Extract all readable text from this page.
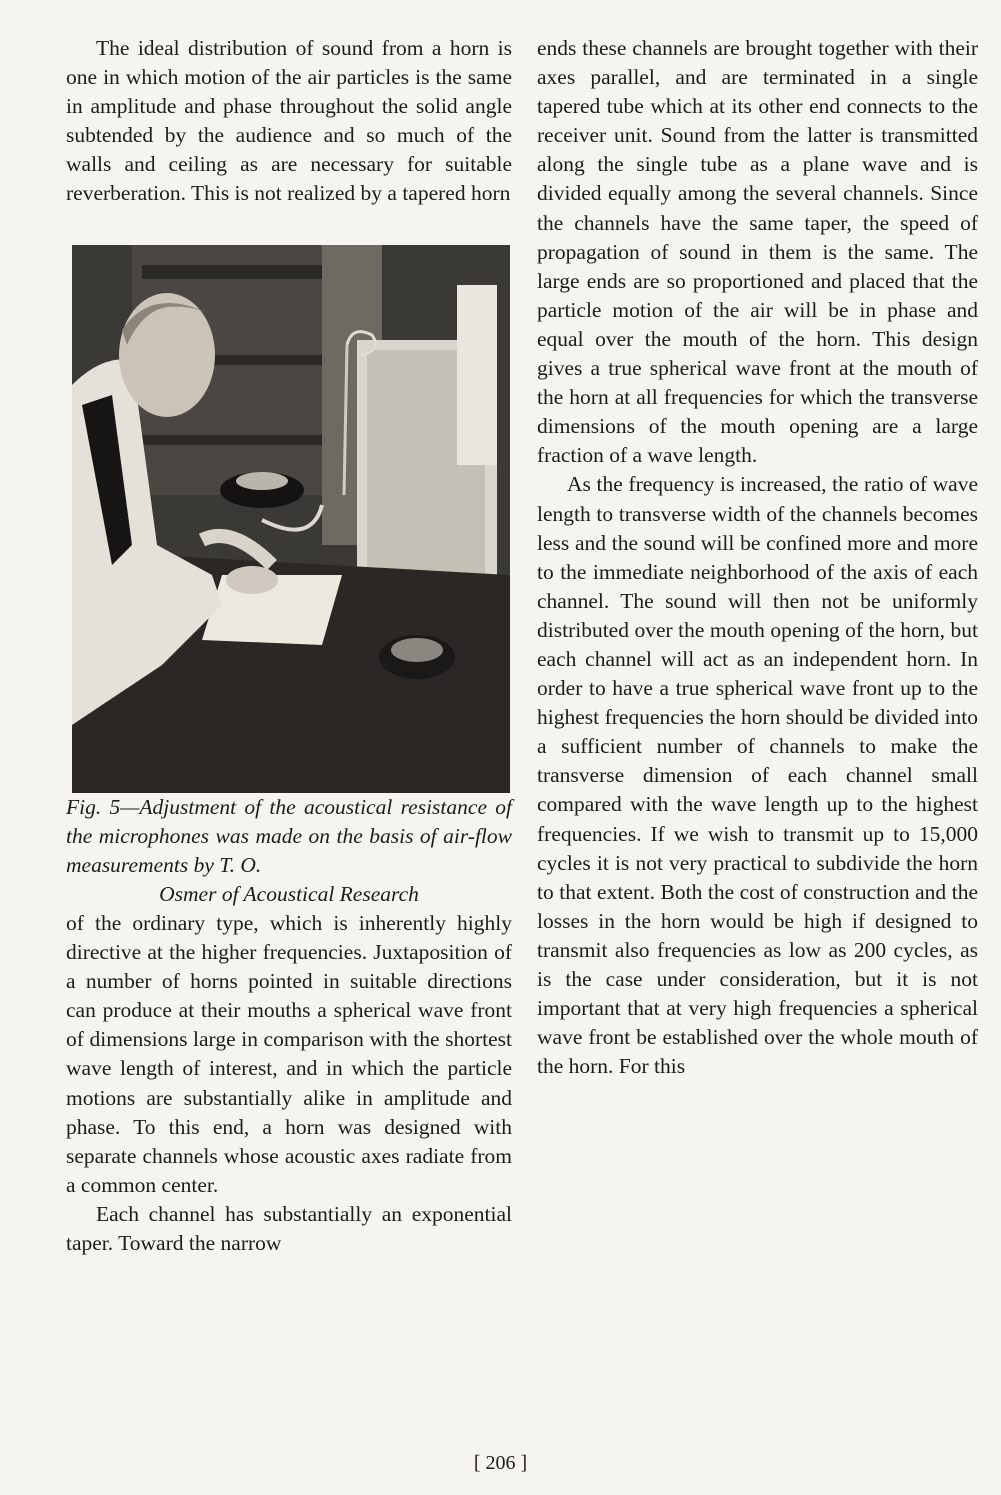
The ideal distribution of sound from a horn is one in which motion of the air particles is the same in amplitude and phase throughout the solid angle subtended by the audience and so much of the walls and ceiling as are necessary for suitable reverberation. This is not realized by a tapered horn

Fig. 5—Adjustment of the acoustical resistance of the microphones was made on the basis of air-flow measurements by T. O.
Osmer of Acoustical Research

of the ordinary type, which is inherently highly directive at the higher frequencies. Juxtaposition of a number of horns pointed in suitable directions can produce at their mouths a spherical wave front of dimensions large in comparison with the shortest wave length of interest, and in which the particle motions are substantially alike in amplitude and phase. To this end, a horn was designed with separate channels whose acoustic axes radiate from a common center.

Each channel has substantially an exponential taper. Toward the narrow

ends these channels are brought together with their axes parallel, and are terminated in a single tapered tube which at its other end connects to the receiver unit. Sound from the latter is transmitted along the single tube as a plane wave and is divided equally among the several channels. Since the channels have the same taper, the speed of propagation of sound in them is the same. The large ends are so proportioned and placed that the particle motion of the air will be in phase and equal over the mouth of the horn. This design gives a true spherical wave front at the mouth of the horn at all frequencies for which the transverse dimensions of the mouth opening are a large fraction of a wave length.

As the frequency is increased, the ratio of wave length to transverse width of the channels becomes less and the sound will be confined more and more to the immediate neighborhood of the axis of each channel. The sound will then not be uniformly distributed over the mouth opening of the horn, but each channel will act as an independent horn. In order to have a true spherical wave front up to the highest frequencies the horn should be divided into a sufficient number of channels to make the transverse dimension of each channel small compared with the wave length up to the highest frequencies. If we wish to transmit up to 15,000 cycles it is not very practical to subdivide the horn to that extent. Both the cost of construction and the losses in the horn would be high if designed to transmit also frequencies as low as 200 cycles, as is the case under consideration, but it is not important that at very high frequencies a spherical wave front be established over the whole mouth of the horn. For this

[ 206 ]
